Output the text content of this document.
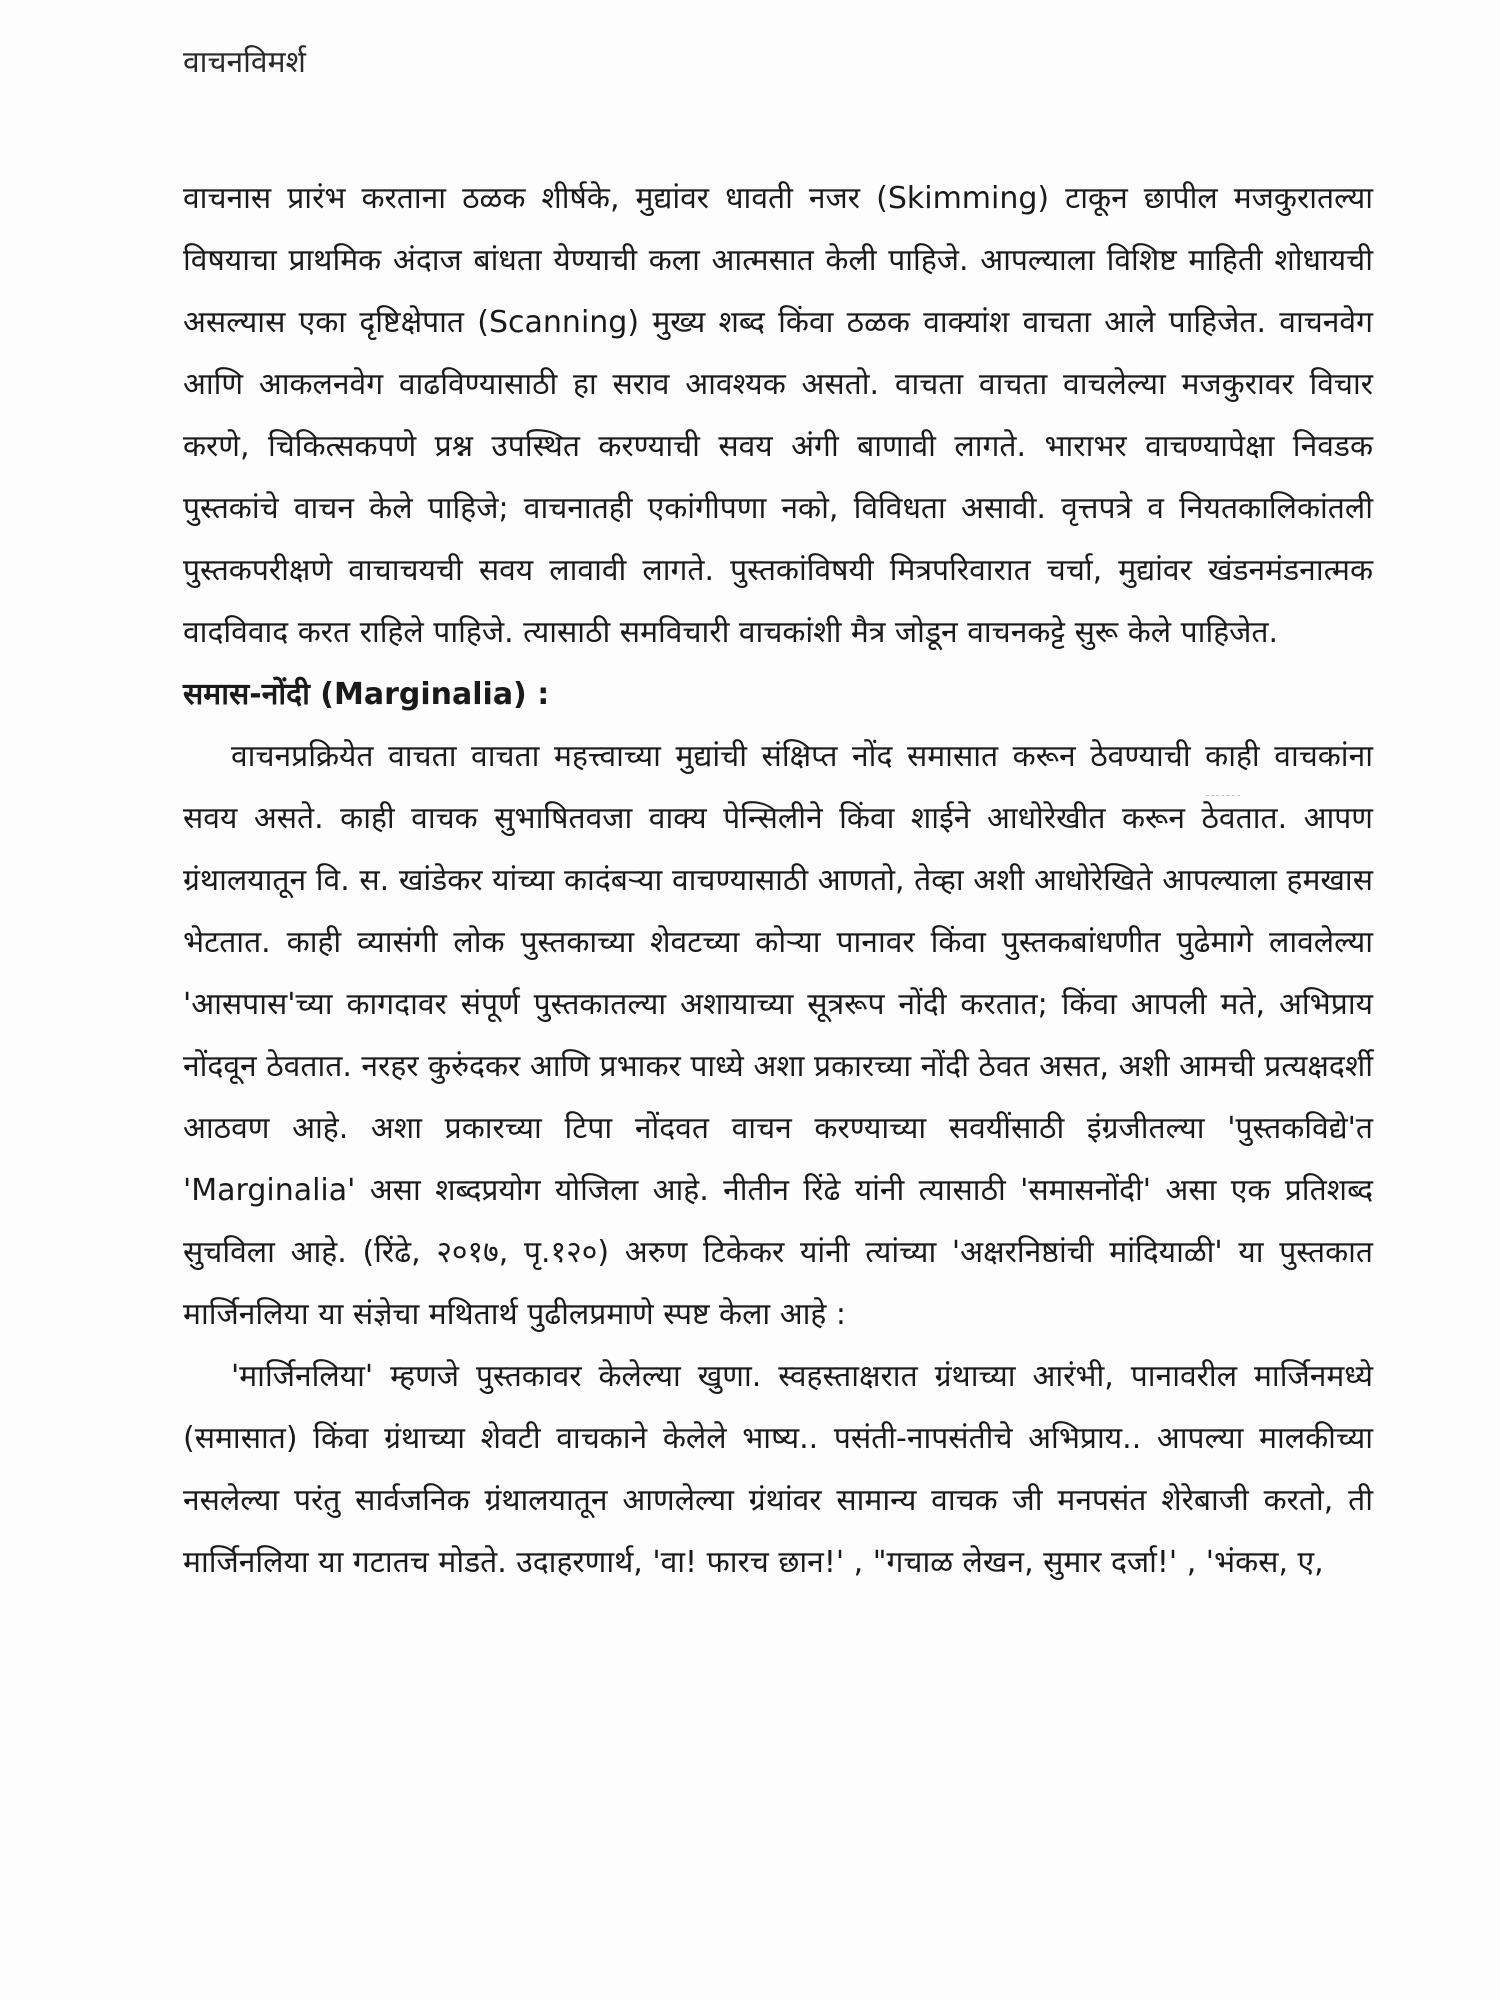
वाचनविमर्श

वाचनास प्रारंभ करताना ठळक शीर्षके, मुद्यांवर धावती नजर (Skimming) टाकून छापील मजकुरातल्या विषयाचा प्राथमिक अंदाज बांधता येण्याची कला आत्मसात केली पाहिजे. आपल्याला विशिष्ट माहिती शोधायची असल्यास एका दृष्टिक्षेपात (Scanning) मुख्य शब्द किंवा ठळक वाक्यांश वाचता आले पाहिजेत. वाचनवेग आणि आकलनवेग वाढविण्यासाठी हा सराव आवश्यक असतो. वाचता वाचता वाचलेल्या मजकुरावर विचार करणे, चिकित्सकपणे प्रश्न उपस्थित करण्याची सवय अंगी बाणावी लागते. भाराभर वाचण्यापेक्षा निवडक पुस्तकांचे वाचन केले पाहिजे; वाचनातही एकांगीपणा नको, विविधता असावी. वृत्तपत्रे व नियतकालिकांतली पुस्तकपरीक्षणे वाचाचयची सवय लावावी लागते. पुस्तकांविषयी मित्रपरिवारात चर्चा, मुद्यांवर खंडनमंडनात्मक वादविवाद करत राहिले पाहिजे. त्यासाठी समविचारी वाचकांशी मैत्र जोडून वाचनकट्टे सुरू केले पाहिजेत.

समास-नोंदी (Marginalia) :

वाचनप्रक्रियेत वाचता वाचता महत्त्वाच्या मुद्यांची संक्षिप्त नोंद समासात करून ठेवण्याची काही वाचकांना सवय असते. काही वाचक सुभाषितवजा वाक्य पेन्सिलीने किंवा शाईने आधोरेखीत करून ठेवतात. आपण ग्रंथालयातून वि. स. खांडेकर यांच्या कादंबऱ्या वाचण्यासाठी आणतो, तेव्हा अशी आधोरेखिते आपल्याला हमखास भेटतात. काही व्यासंगी लोक पुस्तकाच्या शेवटच्या कोऱ्या पानावर किंवा पुस्तकबांधणीत पुढेमागे लावलेल्या 'आसपास'च्या कागदावर संपूर्ण पुस्तकातल्या अशायाच्या सूत्ररूप नोंदी करतात; किंवा आपली मते, अभिप्राय नोंदवून ठेवतात. नरहर कुरुंदकर आणि प्रभाकर पाध्ये अशा प्रकारच्या नोंदी ठेवत असत, अशी आमची प्रत्यक्षदर्शी आठवण आहे. अशा प्रकारच्या टिपा नोंदवत वाचन करण्याच्या सवयींसाठी इंग्रजीतल्या 'पुस्तकविद्ये'त 'Marginalia' असा शब्दप्रयोग योजिला आहे. नीतीन रिंढे यांनी त्यासाठी 'समासनोंदी' असा एक प्रतिशब्द सुचविला आहे. (रिंढे, २०१७, पृ.१२०) अरुण टिकेकर यांनी त्यांच्या 'अक्षरनिष्ठांची मांदियाळी' या पुस्तकात मार्जिनलिया या संज्ञेचा मथितार्थ पुढीलप्रमाणे स्पष्ट केला आहे :

'मार्जिनलिया' म्हणजे पुस्तकावर केलेल्या खुणा. स्वहस्ताक्षरात ग्रंथाच्या आरंभी, पानावरील मार्जिनमध्ये (समासात) किंवा ग्रंथाच्या शेवटी वाचकाने केलेले भाष्य.. पसंती-नापसंतीचे अभिप्राय.. आपल्या मालकीच्या नसलेल्या परंतु सार्वजनिक ग्रंथालयातून आणलेल्या ग्रंथांवर सामान्य वाचक जी मनपसंत शेरेबाजी करतो, ती मार्जिनलिया या गटातच मोडते. उदाहरणार्थ, 'वा! फारच छान!' , "गचाळ लेखन, सुमार दर्जा!' , 'भंकस, ए,
